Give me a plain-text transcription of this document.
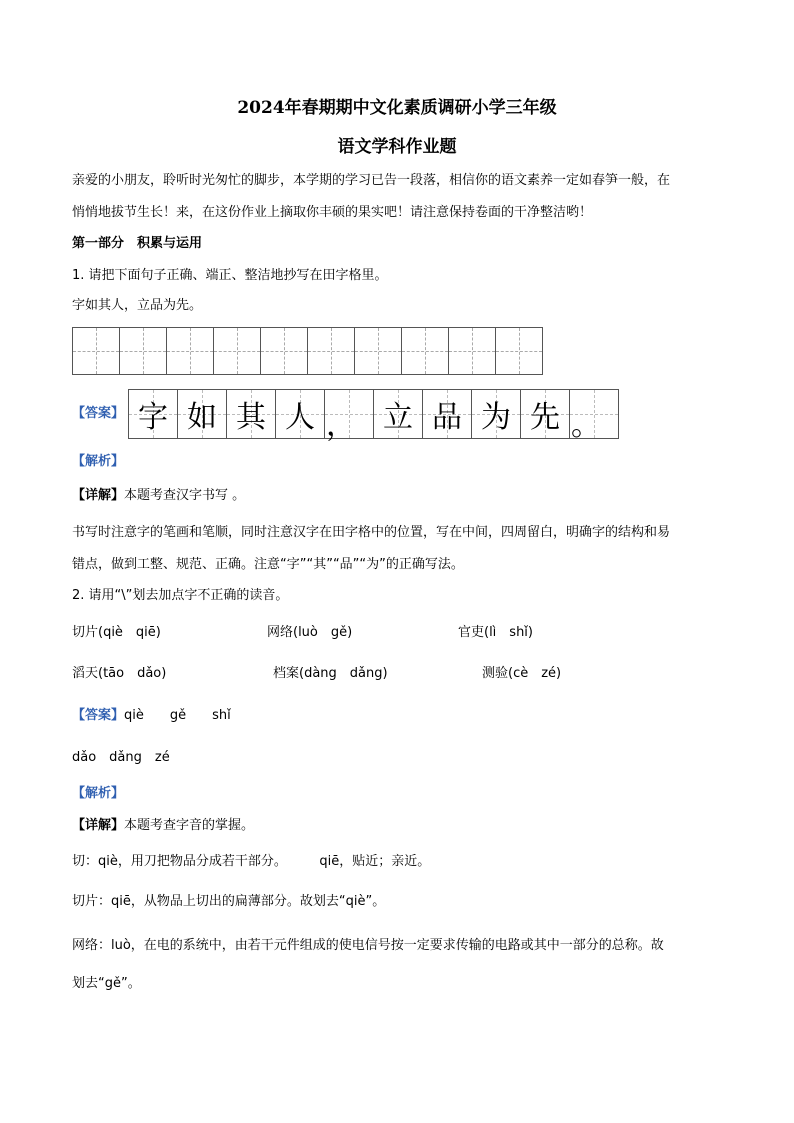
2024年春期期中文化素质调研小学三年级
语文学科作业题
亲爱的小朋友，聆听时光匆忙的脚步，本学期的学习已告一段落，相信你的语文素养一定如春笋一般，在
悄悄地拔节生长！来，在这份作业上摘取你丰硕的果实吧！请注意保持卷面的干净整洁哟！
第一部分　积累与运用
1. 请把下面句子正确、端正、整洁地抄写在田字格里。
字如其人，立品为先。
【答案】 字 如 其 人 ， 立 品 为 先 。
【解析】
【详解】本题考查汉字书写 。
书写时注意字的笔画和笔顺，同时注意汉字在田字格中的位置，写在中间，四周留白，明确字的结构和易
错点，做到工整、规范、正确。注意“字”“其”“品”“为”的正确写法。
2. 请用“\”划去加点字不正确的读音。
切片(qiè　qiē)	网络(luò　gě)	官吏(lì　shǐ)
滔天(tāo　dǎo)	档案(dàng　dǎng)	测验(cè　zé)
【答案】qiè　　gě　　shǐ
dǎo　dǎng　zé
【解析】
【详解】本题考查字音的掌握。
切：qiè，用刀把物品分成若干部分。　　　qiē，贴近；亲近。
切片：qiē，从物品上切出的扁薄部分。故划去“qiè”。
网络：luò，在电的系统中，由若干元件组成的使电信号按一定要求传输的电路或其中一部分的总称。故
划去“gě”。
